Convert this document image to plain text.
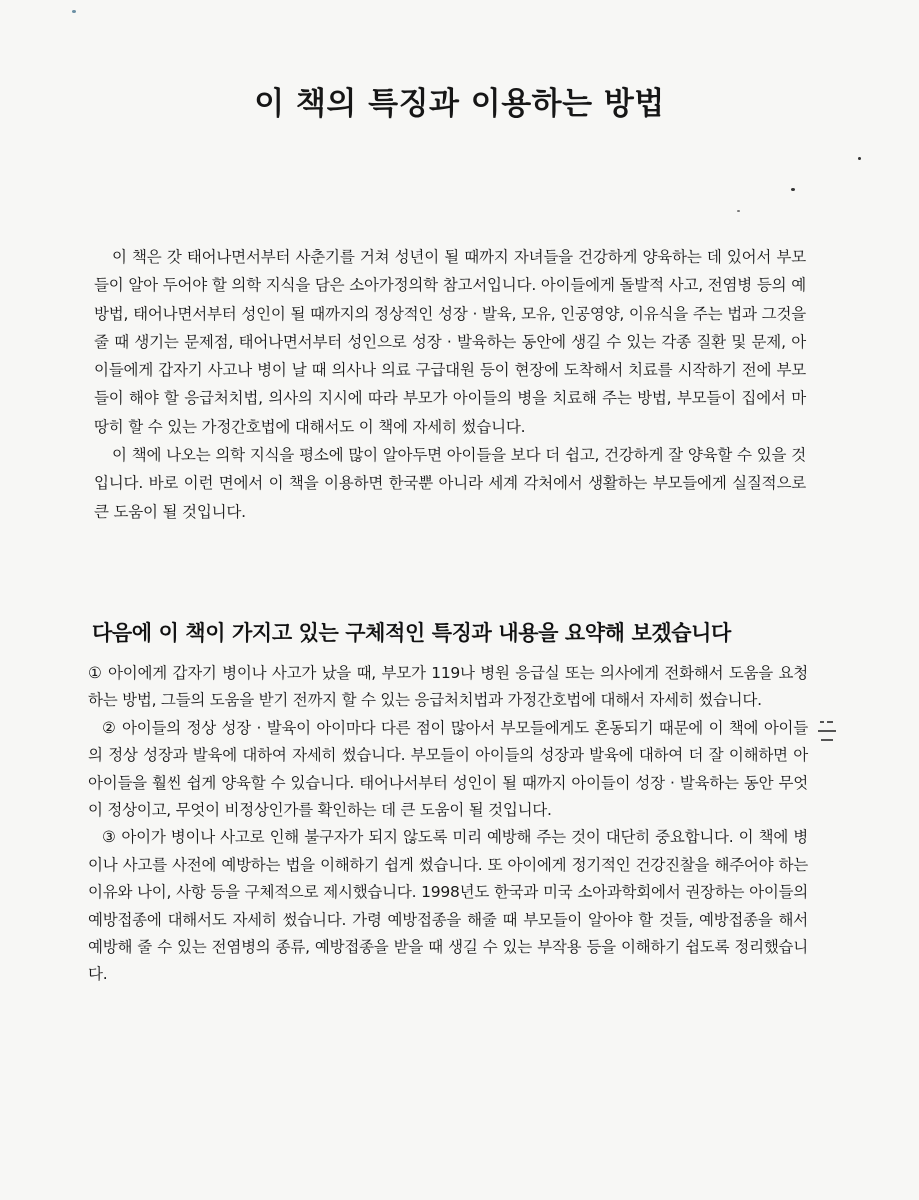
이 책의 특징과 이용하는 방법

이 책은 갓 태어나면서부터 사춘기를 거쳐 성년이 될 때까지 자녀들을 건강하게 양육하는 데 있어서 부모들이 알아 두어야 할 의학 지식을 담은 소아가정의학 참고서입니다. 아이들에게 돌발적 사고, 전염병 등의 예방법, 태어나면서부터 성인이 될 때까지의 정상적인 성장 · 발육, 모유, 인공영양, 이유식을 주는 법과 그것을 줄 때 생기는 문제점, 태어나면서부터 성인으로 성장 · 발육하는 동안에 생길 수 있는 각종 질환 및 문제, 아이들에게 갑자기 사고나 병이 날 때 의사나 의료 구급대원 등이 현장에 도착해서 치료를 시작하기 전에 부모들이 해야 할 응급처치법, 의사의 지시에 따라 부모가 아이들의 병을 치료해 주는 방법, 부모들이 집에서 마땅히 할 수 있는 가정간호법에 대해서도 이 책에 자세히 썼습니다.

이 책에 나오는 의학 지식을 평소에 많이 알아두면 아이들을 보다 더 쉽고, 건강하게 잘 양육할 수 있을 것입니다. 바로 이런 면에서 이 책을 이용하면 한국뿐 아니라 세계 각처에서 생활하는 부모들에게 실질적으로 큰 도움이 될 것입니다.

다음에 이 책이 가지고 있는 구체적인 특징과 내용을 요약해 보겠습니다

① 아이에게 갑자기 병이나 사고가 났을 때, 부모가 119나 병원 응급실 또는 의사에게 전화해서 도움을 요청하는 방법, 그들의 도움을 받기 전까지 할 수 있는 응급처치법과 가정간호법에 대해서 자세히 썼습니다.

② 아이들의 정상 성장 · 발육이 아이마다 다른 점이 많아서 부모들에게도 혼동되기 때문에 이 책에 아이들의 정상 성장과 발육에 대하여 자세히 썼습니다. 부모들이 아이들의 성장과 발육에 대하여 더 잘 이해하면 아아이들을 훨씬 쉽게 양육할 수 있습니다. 태어나서부터 성인이 될 때까지 아이들이 성장 · 발육하는 동안 무엇이 정상이고, 무엇이 비정상인가를 확인하는 데 큰 도움이 될 것입니다.

③ 아이가 병이나 사고로 인해 불구자가 되지 않도록 미리 예방해 주는 것이 대단히 중요합니다. 이 책에 병이나 사고를 사전에 예방하는 법을 이해하기 쉽게 썼습니다. 또 아이에게 정기적인 건강진찰을 해주어야 하는 이유와 나이, 사항 등을 구체적으로 제시했습니다. 1998년도 한국과 미국 소아과학회에서 권장하는 아이들의 예방접종에 대해서도 자세히 썼습니다. 가령 예방접종을 해줄 때 부모들이 알아야 할 것들, 예방접종을 해서 예방해 줄 수 있는 전염병의 종류, 예방접종을 받을 때 생길 수 있는 부작용 등을 이해하기 쉽도록 정리했습니다.
